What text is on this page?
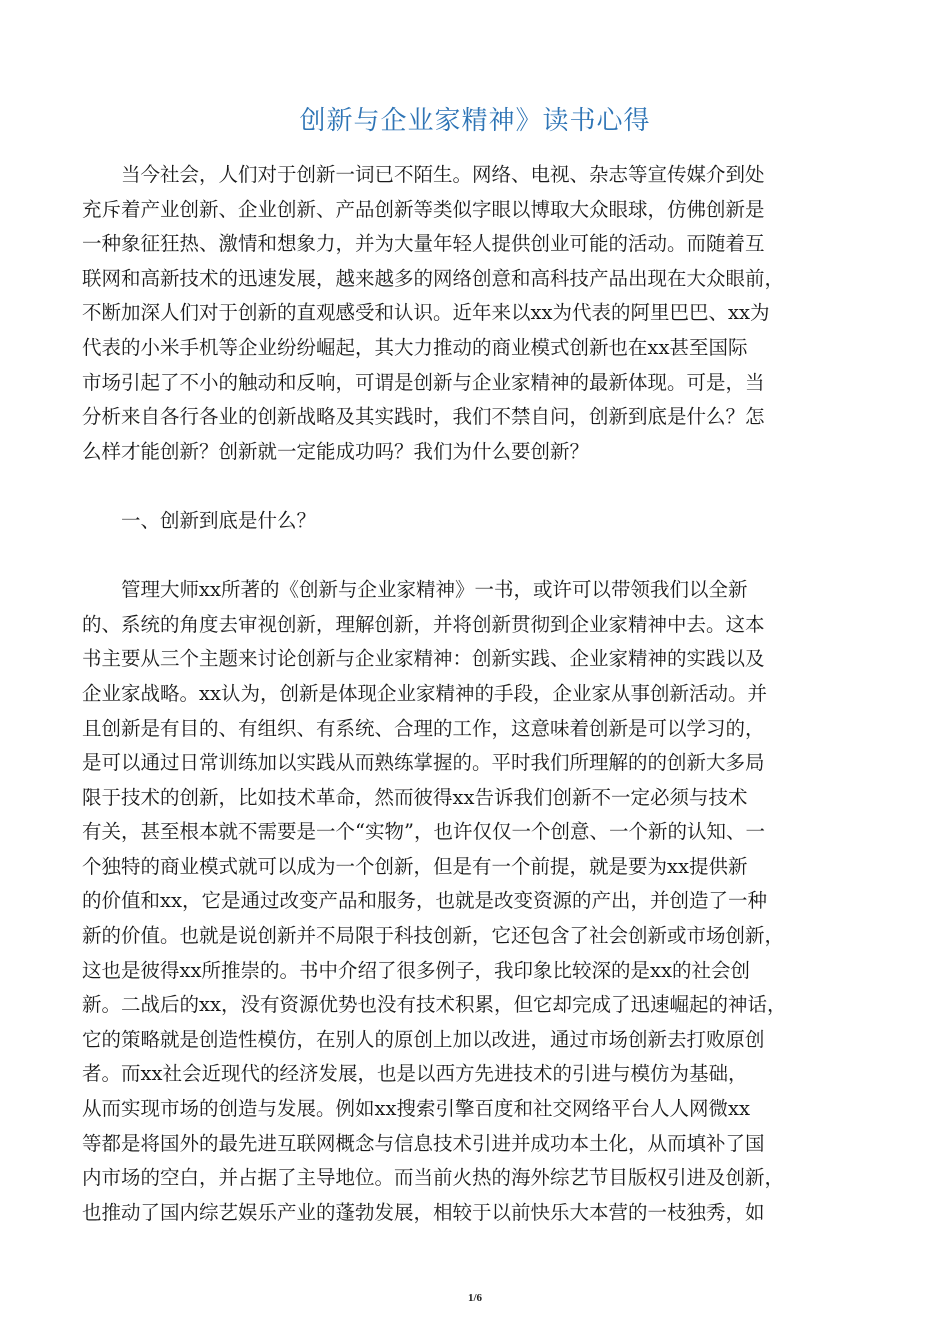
创新与企业家精神》读书心得
　　当今社会，人们对于创新一词已不陌生。网络、电视、杂志等宣传媒介到处
充斥着产业创新、企业创新、产品创新等类似字眼以博取大众眼球，仿佛创新是
一种象征狂热、激情和想象力，并为大量年轻人提供创业可能的活动。而随着互
联网和高新技术的迅速发展，越来越多的网络创意和高科技产品出现在大众眼前，
不断加深人们对于创新的直观感受和认识。近年来以xx为代表的阿里巴巴、xx为
代表的小米手机等企业纷纷崛起，其大力推动的商业模式创新也在xx甚至国际
市场引起了不小的触动和反响，可谓是创新与企业家精神的最新体现。可是，当
分析来自各行各业的创新战略及其实践时，我们不禁自问，创新到底是什么？怎
么样才能创新？创新就一定能成功吗？我们为什么要创新？
　　一、创新到底是什么？
　　管理大师xx所著的《创新与企业家精神》一书，或许可以带领我们以全新
的、系统的角度去审视创新，理解创新，并将创新贯彻到企业家精神中去。这本
书主要从三个主题来讨论创新与企业家精神：创新实践、企业家精神的实践以及
企业家战略。xx认为，创新是体现企业家精神的手段，企业家从事创新活动。并
且创新是有目的、有组织、有系统、合理的工作，这意味着创新是可以学习的，
是可以通过日常训练加以实践从而熟练掌握的。平时我们所理解的的创新大多局
限于技术的创新，比如技术革命，然而彼得xx告诉我们创新不一定必须与技术
有关，甚至根本就不需要是一个“实物”，也许仅仅一个创意、一个新的认知、一
个独特的商业模式就可以成为一个创新，但是有一个前提，就是要为xx提供新
的价值和xx，它是通过改变产品和服务，也就是改变资源的产出，并创造了一种
新的价值。也就是说创新并不局限于科技创新，它还包含了社会创新或市场创新，
这也是彼得xx所推崇的。书中介绍了很多例子，我印象比较深的是xx的社会创
新。二战后的xx，没有资源优势也没有技术积累，但它却完成了迅速崛起的神话，
它的策略就是创造性模仿，在别人的原创上加以改进，通过市场创新去打败原创
者。而xx社会近现代的经济发展，也是以西方先进技术的引进与模仿为基础，
从而实现市场的创造与发展。例如xx搜索引擎百度和社交网络平台人人网微xx
等都是将国外的最先进互联网概念与信息技术引进并成功本土化，从而填补了国
内市场的空白，并占据了主导地位。而当前火热的海外综艺节目版权引进及创新，
也推动了国内综艺娱乐产业的蓬勃发展，相较于以前快乐大本营的一枝独秀，如
1/6
